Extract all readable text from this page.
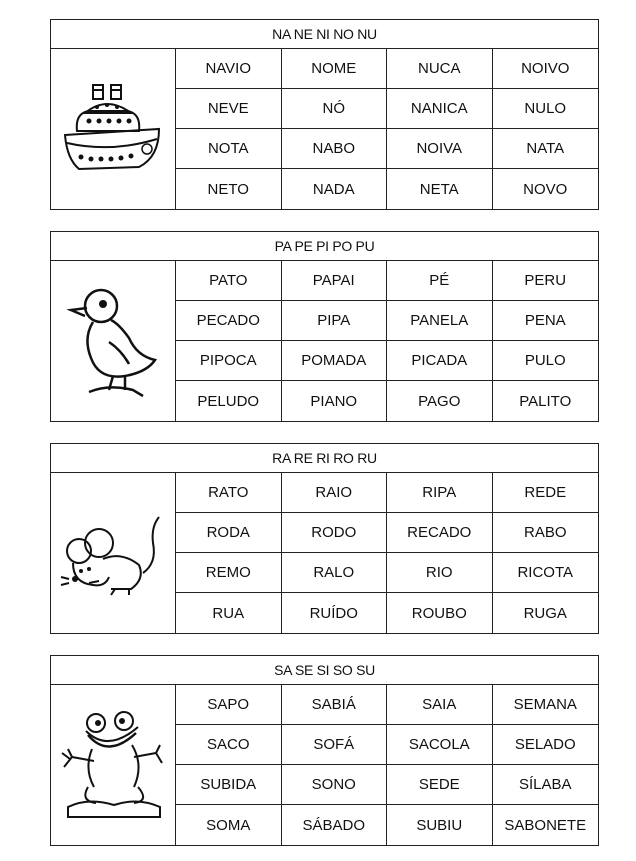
NA NE NI NO NU
NAVIO	NOME	NUCA	NOIVO
NEVE	NÓ	NANICA	NULO
NOTA	NABO	NOIVA	NATA
NETO	NADA	NETA	NOVO
PA PE PI PO PU
PATO	PAPAI	PÉ	PERU
PECADO	PIPA	PANELA	PENA
PIPOCA	POMADA	PICADA	PULO
PELUDO	PIANO	PAGO	PALITO
RA RE RI RO RU
RATO	RAIO	RIPA	REDE
RODA	RODO	RECADO	RABO
REMO	RALO	RIO	RICOTA
RUA	RUÍDO	ROUBO	RUGA
SA SE SI SO SU
SAPO	SABIÁ	SAIA	SEMANA
SACO	SOFÁ	SACOLA	SELADO
SUBIDA	SONO	SEDE	SÍLABA
SOMA	SÁBADO	SUBIU	SABONETE
